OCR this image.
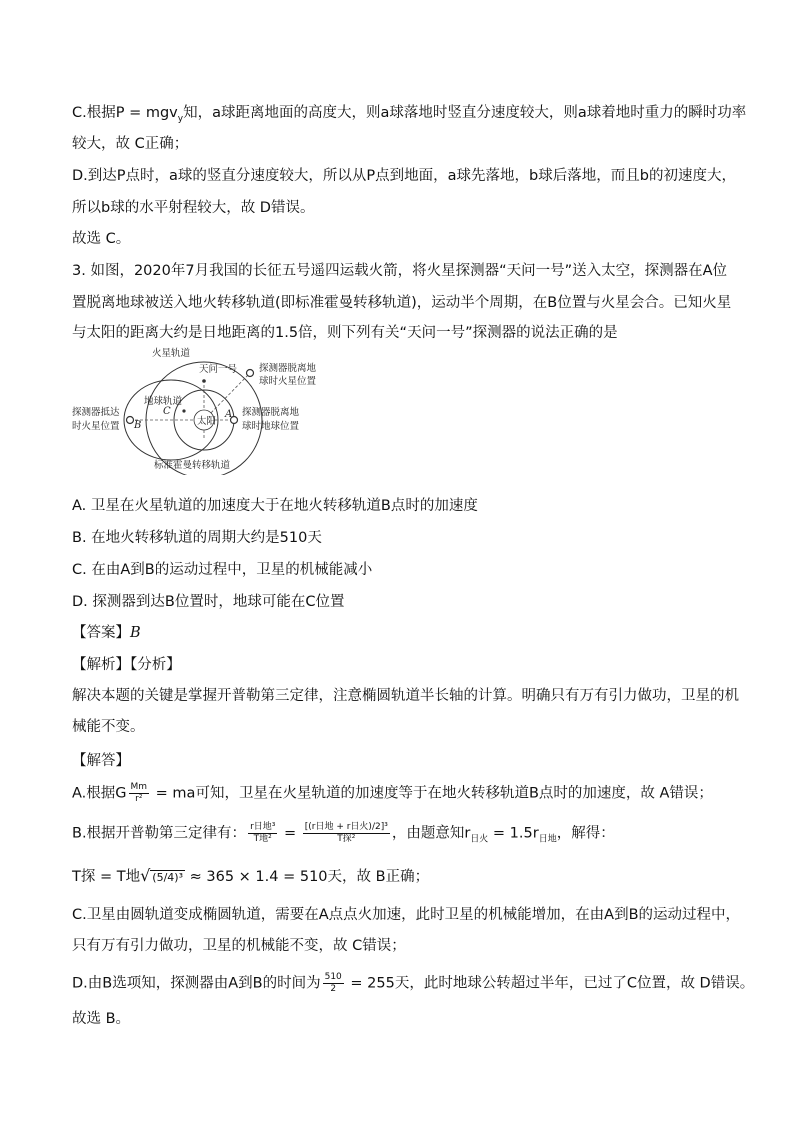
C.根据P = mgv$_y$知，a球距离地面的高度大，则a球落地时竖直分速度较大，则a球着地时重力的瞬时功率
较大，故 C正确；
D.到达P点时，a球的竖直分速度较大，所以从P点到地面，a球先落地，b球后落地，而且b的初速度大，
所以b球的水平射程较大，故 D错误。
故选 C。
3. 如图，2020年7月我国的长征五号遥四运载火箭，将火星探测器“天问一号”送入太空，探测器在A位
置脱离地球被送入地火转移轨道(即标准霍曼转移轨道)，运动半个周期，在B位置与火星会合。已知火星
与太阳的距离大约是日地距离的1.5倍，则下列有关“天问一号”探测器的说法正确的是
太阳
A
B
C
火星轨道
天问一号
地球轨道
探测器脱离地
球时火星位置
探测器抵达
时火星位置
探测器脱离地
球时地球位置
标准霍曼转移轨道
A. 卫星在火星轨道的加速度大于在地火转移轨道B点时的加速度
B. 在地火转移轨道的周期大约是510天
C. 在由A到B的运动过程中，卫星的机械能减小
D. 探测器到达B位置时，地球可能在C位置
【答案】B
【解析】【分析】
解决本题的关键是掌握开普勒第三定律，注意椭圆轨道半长轴的计算。明确只有万有引力做功，卫星的机
械能不变。
【解答】
A.根据G $\frac{Mm}{\text{r²}}$ = ma可知，卫星在火星轨道的加速度等于在地火转移轨道B点时的加速度，故 A错误；
B.根据开普勒第三定律有： $\frac{\text{r日地³}}{\text{T地²}} = \frac{\text{[(r日地 + r日火)/2]³}}{\text{T探²}}$ ，由题意知$r_{日火} = 1.5r_{日地}$，解得：
T探 = T地√ (5/4)³ ≈ 365 × 1.4 = 510天，故 B正确；
C.卫星由圆轨道变成椭圆轨道，需要在A点点火加速，此时卫星的机械能增加，在由A到B的运动过程中，
只有万有引力做功，卫星的机械能不变，故 C错误；
D.由B选项知，探测器由A到B的时间为 $\frac{510}{2} = 255$天，此时地球公转超过半年，已过了C位置，故 D错误。
故选 B。
